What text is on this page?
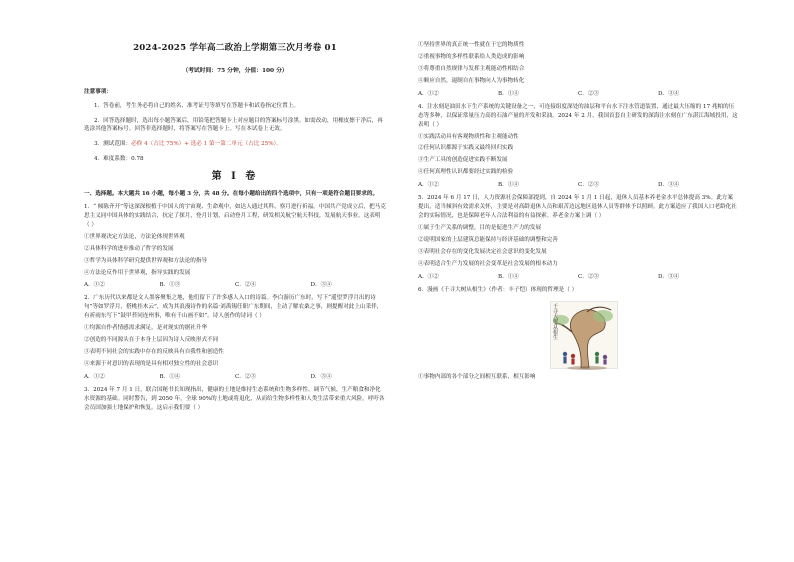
2024-2025 学年高二政治上学期第三次月考卷 01
（考试时间：75 分钟，分值：100 分）
注意事项：
1．答卷前，考生务必将自己的姓名、准考证号等填写在答题卡和试卷指定位置上。
2．回答选择题时，选出每小题答案后，用铅笔把答题卡上对应题目的答案标号涂黑。如需改动，用橡皮擦干净后，再选涂其他答案标号。回答非选择题时，将答案写在答题卡上。写在本试卷上无效。
3．测试范围：必修 4（占比 75%）+ 选必 1 第一第二单元（占比 25%）。
4．难度系数：0.78
第 I 卷
一、选择题。本大题共 16 小题，每小题 3 分，共 48 分。在每小题给出的四个选项中，只有一项是符合题目要求的。
1．“ 倾陈齐开”等这深深根植于中国人的宇宙观、生命观中，如达人通过其科、察月进行祈福。中国共产党成立后，把马克思主义同中国具体的实践结合，抗定了探月，登月计划，启动登月工程，研发相关航空航天科技，发展航天事业。这表明（ ）
①世界观决定方法论，方法论体现世界观
②具体科学的进步推动了哲学的发展
③哲学为具体科学研究提供世界观和方法论的指导
④方法论反作用于世界观，指导实践的发展
A．①②	B．①③	C．②④	D．③④
2．广东历代以来都是文人墨客聚集之地，他们留下了许多感人入口的诗篇。李白游历广东时，写下“遥望罗浮月出的诗句”等如罗浮月，搭桃挂木云”，成为其浪漫诗作的名篇·刘禹锡任职广东期间，主动了解农桑之事，则提醒对此上山采伴，有祈雨东写下“鼓甲苔同连州事，唯有千山画不如”。诗人创作的诗词（ ）
①均源自作者情感需求满足，是对现实的据社升华
②创造的不同源头在于本身上层因为诗人反映形式不同
③表明不同社会的实践中存在的反映具有自我性和创造性
④来源于对意识的表现的是具有相对独立性的社会意识
A．①②	B．①④	C．②③	D．③④
3．2024 年 7 月 1 日，联合国秘书长知现指出，健康的土地是维持生态系统和生物多样性、调节气候，生产粮食和净化水资源的基础。同时警告，到 2050 年，全球 90%的土地或将退化，从而给生物多样性和人类生活带来重大风险，呼吁各会员国加强土地保护和恢复。这启示我们要（ ）
①坚持世界的真正统一性就在于它的物质性
②重视事物的多样性联系给人类造成的影响
③将尊重自然规律与发挥主观能动性相结合
④顺应自然，遏制自在事物向人为事物转化
A．①②	B．①④	C．②③	D．③④
4．注水刻是油田水下生产系统的关键设备之一，可连接组度深处的油层和平台水下注水管道装置，通过最大压缩的 17 兆帕的压态等多种，以保证常量压力高的石油产量的开发和采油。2024 年 2 月，我国首套自主研发的深海注水刻在广东湛江海域投用，这表明（ ）
①实践活动具有客观物质性和主观能动性
②任何认识都源于实践又最终回归实践
③生产工具的创造促进实践不断发展
④任何真理性认识都要经过实践的检验
A．①②	B．①④	C．②③	D．③④
5．2024 年 6 月 17 日，人力资源社会保障部提到，自 2024 年 1 月 1 日起，退休人员基本养老金水平总体提高 3%。此方案提出，适当倾斜有效需求关怀，主要是对高龄退休人员和艰苦边远地区退休人员等群体予以照顾。此方案适应了我国人口老龄化社会的实际情况，也是保障老年人合法利益的有益探索。养老金方案上调（ ）
①属于生产关系的调整，目的是促进生产力的发展
②说明国家的上层建筑总能保持与经济基础的调整和完善
③表明社会存在的变化发展决定社会意识的变化发展
④表明适合生产力发展的社会变革是社会发展的根本动力
A．①②	B．①④	C．②③	D．③④
6．漫画《千寻大树从根生》（作者：丰子恺）体现的哲理是（ ）
千寻大树从根生
①事物内部的各个部分之间相互联系，相互影响
